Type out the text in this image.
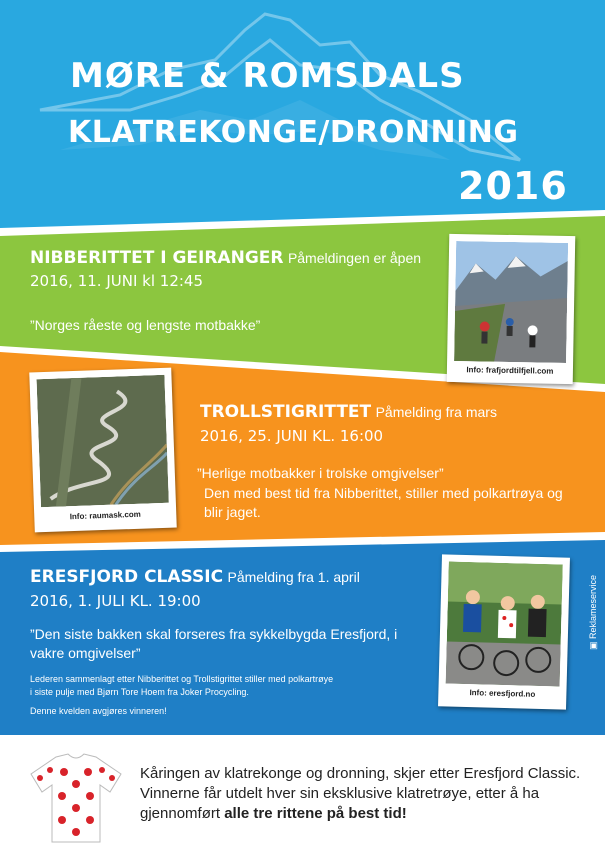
MØRE & ROMSDALS
KLATREKONGE/DRONNING
2016
NIBBERITTET I GEIRANGER Påmeldingen er åpen
2016, 11. JUNI kl 12:45
”Norges råeste og lengste motbakke”
Info: frafjordtilfjell.com
Info: raumask.com
TROLLSTIGRITTET Påmelding fra mars
2016, 25. JUNI KL. 16:00
”Herlige motbakker i trolske omgivelser”
Den med best tid fra Nibberittet, stiller med polkartrøya og blir jaget.
ERESFJORD CLASSIC Påmelding fra 1. april
2016, 1. JULI KL. 19:00
”Den siste bakken skal forseres fra sykkelbygda Eresfjord, i vakre omgivelser”
Lederen sammenlagt etter Nibberittet og Trollstigrittet stiller med polkartrøye
i siste pulje med Bjørn Tore Hoem fra Joker Procycling.
Denne kvelden avgjøres vinneren!
Info: eresfjord.no
▣ Reklameservice
Kåringen av klatrekonge og dronning, skjer etter Eresfjord Classic.
Vinnerne får utdelt hver sin eksklusive klatretrøye, etter å ha
gjennomført alle tre rittene på best tid!
